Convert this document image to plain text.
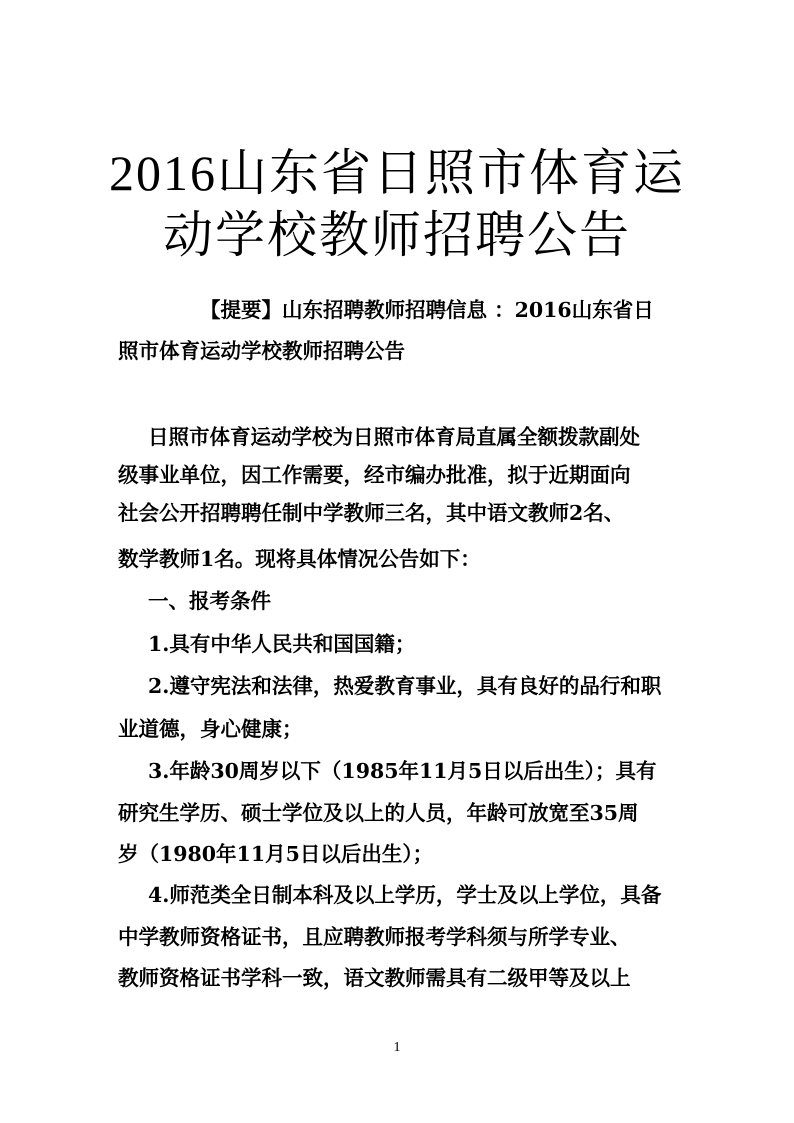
2016山东省日照市体育运
动学校教师招聘公告
【提要】山东招聘教师招聘信息 ：2016山东省日
照市体育运动学校教师招聘公告
日照市体育运动学校为日照市体育局直属全额拨款副处
级事业单位，因工作需要，经市编办批准，拟于近期面向
社会公开招聘聘任制中学教师三名，其中语文教师2名、
数学教师1名。现将具体情况公告如下：
一、报考条件
1.具有中华人民共和国国籍；
2.遵守宪法和法律，热爱教育事业，具有良好的品行和职
业道德，身心健康；
3.年龄30周岁以下（1985年11月5日以后出生）；具有
研究生学历、硕士学位及以上的人员，年龄可放宽至35周
岁（1980年11月5日以后出生）；
4.师范类全日制本科及以上学历，学士及以上学位，具备
中学教师资格证书，且应聘教师报考学科须与所学专业、
教师资格证书学科一致，语文教师需具有二级甲等及以上
1
